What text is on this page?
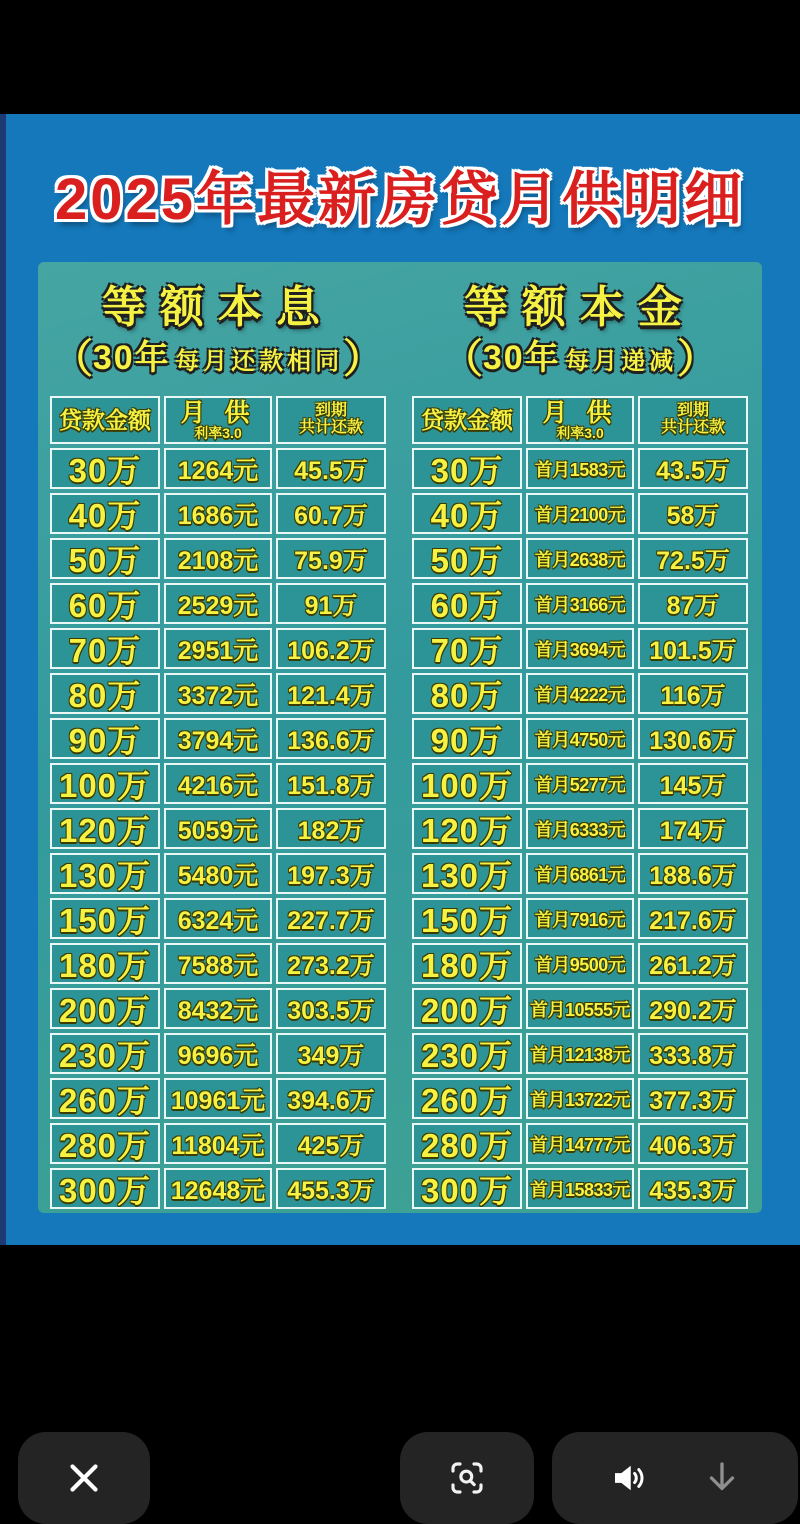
2025年最新房贷月供明细
等额本息
（30年 每月还款相同）
贷款金额	月 供
利率3.0
到期
共计还款
30万	1264元	45.5万
40万	1686元	60.7万
50万	2108元	75.9万
60万	2529元	91万
70万	2951元	106.2万
80万	3372元	121.4万
90万	3794元	136.6万
100万	4216元	151.8万
120万	5059元	182万
130万	5480元	197.3万
150万	6324元	227.7万
180万	7588元	273.2万
200万	8432元	303.5万
230万	9696元	349万
260万 10961元 394.6万
280万 11804元	425万
300万 12648元 455.3万
等额本金
（30年 每月递减）
贷款金额	月 供
利率3.0
到期
共计还款
30万	首月1583元	43.5万
40万	首月2100元	58万
50万	首月2638元	72.5万
60万	首月3166元	87万
70万	首月3694元 101.5万
80万	首月4222元	116万
90万	首月4750元 130.6万
100万	首月5277元	145万
120万	首月6333元	174万
130万	首月6861元 188.6万
150万	首月7916元 217.6万
180万	首月9500元 261.2万
200万 首月10555元 290.2万
230万 首月12138元 333.8万
260万 首月13722元 377.3万
280万 首月14777元 406.3万
300万 首月15833元 435.3万
